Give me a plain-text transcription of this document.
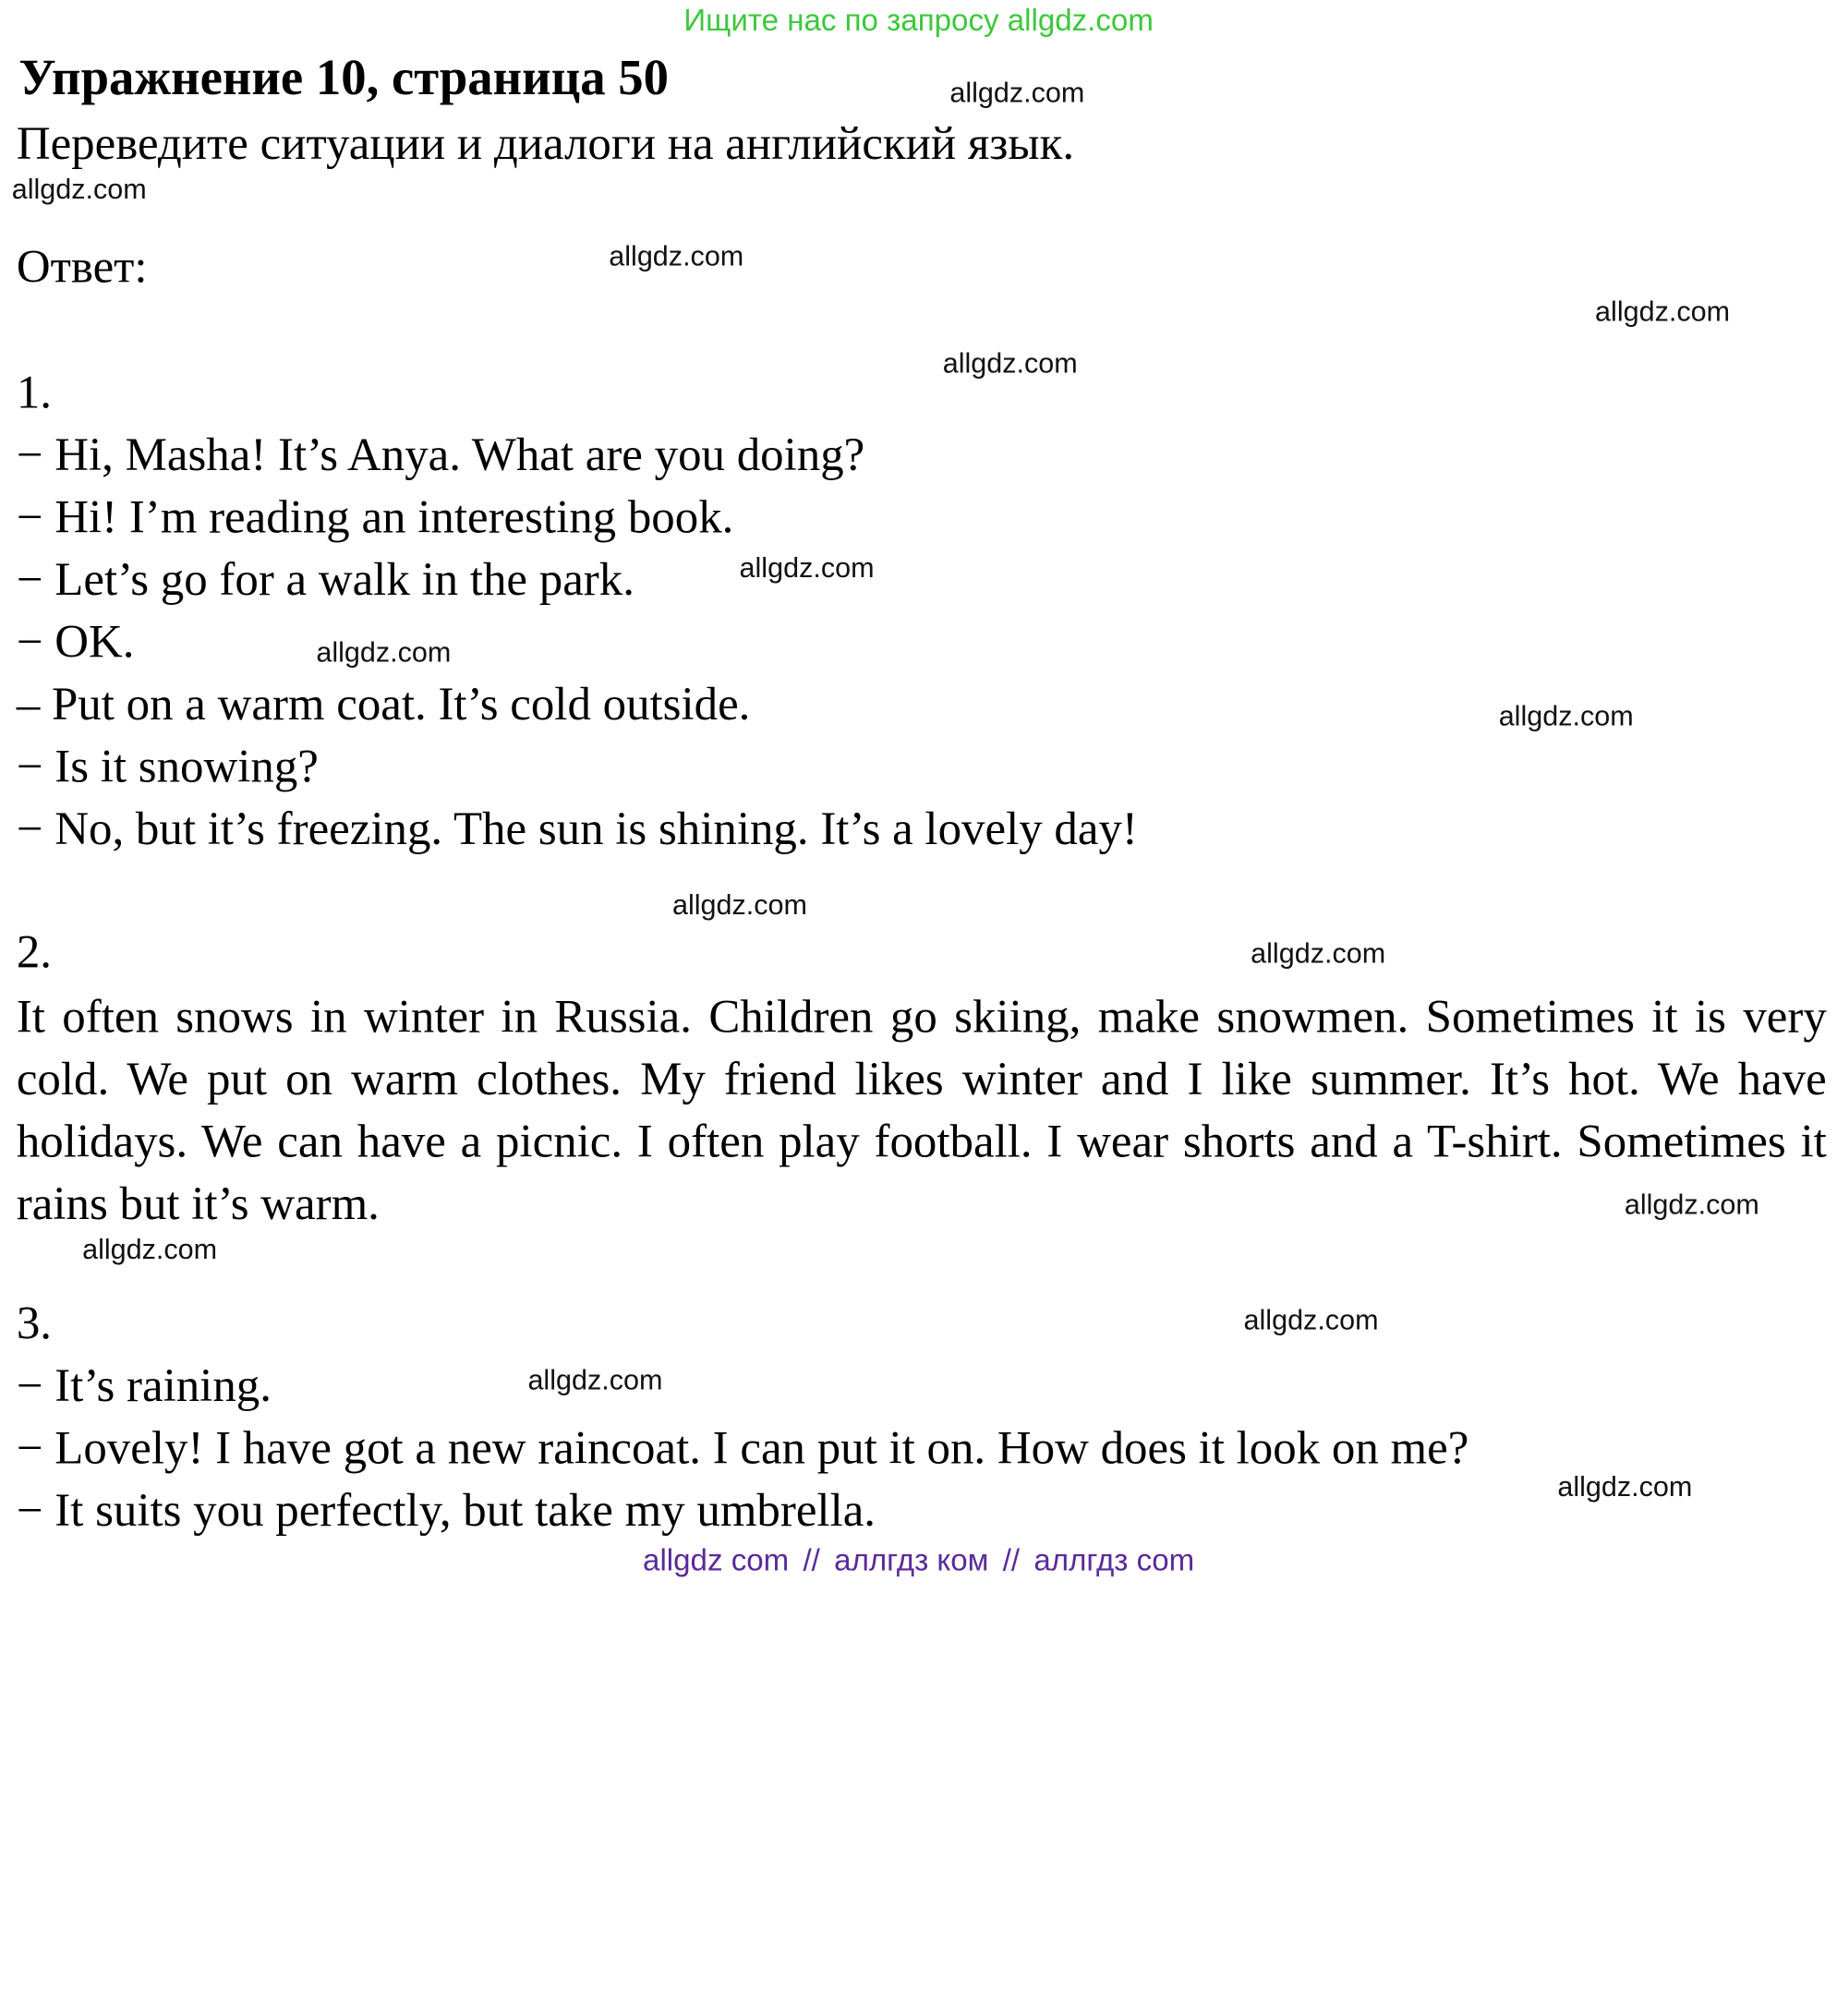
Ищите нас по запросу allgdz.com
Упражнение 10, страница 50
Переведите ситуации и диалоги на английский язык.
Ответ:
1.
− Hi, Masha! It’s Anya. What are you doing?
− Hi! I’m reading an interesting book.
− Let’s go for a walk in the park.
− OK.
– Put on a warm coat. It’s cold outside.
− Is it snowing?
− No, but it’s freezing. The sun is shining. It’s a lovely day!
2.
It often snows in winter in Russia. Children go skiing, make snowmen. Sometimes it is very cold. We put on warm clothes. My friend likes winter and I like summer. It’s hot. We have holidays. We can have a picnic. I often play football. I wear shorts and a T-shirt. Sometimes it rains but it’s warm.
3.
− It’s raining.
− Lovely! I have got a new raincoat. I can put it on. How does it look on me?
− It suits you perfectly, but take my umbrella.
allgdz.com
allgdz.com
allgdz.com
allgdz.com
allgdz.com
allgdz.com
allgdz.com
allgdz.com
allgdz.com
allgdz.com
allgdz.com
allgdz.com
allgdz.com
allgdz.com
allgdz.com
allgdz com // аллгдз ком // аллгдз com
